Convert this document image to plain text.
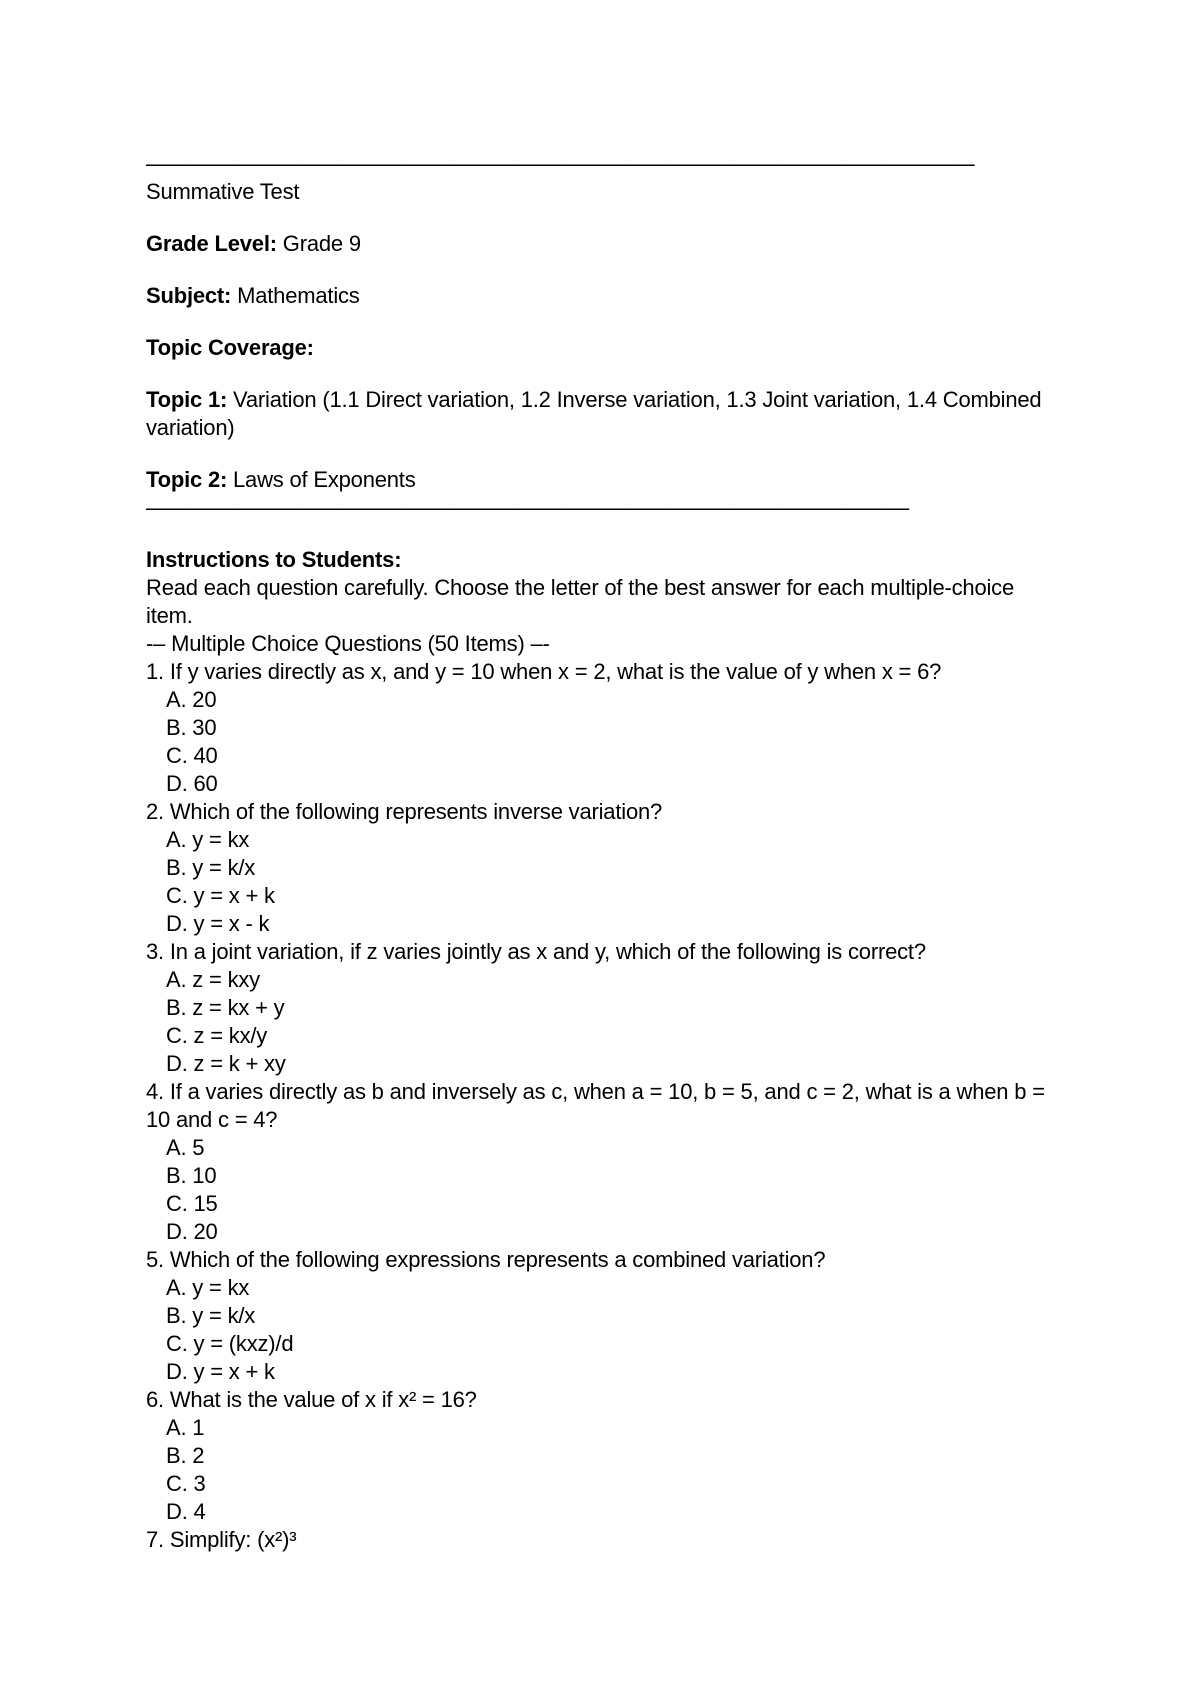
——————————————————————————————————————
Summative Test
Grade Level: Grade 9
Subject: Mathematics
Topic Coverage:
Topic 1: Variation (1.1 Direct variation, 1.2 Inverse variation, 1.3 Joint variation, 1.4 Combined variation)
Topic 2: Laws of Exponents
———————————————————————————————————
Instructions to Students:
Read each question carefully. Choose the letter of the best answer for each multiple-choice item.
-– Multiple Choice Questions (50 Items) –-
1. If y varies directly as x, and y = 10 when x = 2, what is the value of y when x = 6?
A. 20
B. 30
C. 40
D. 60
2. Which of the following represents inverse variation?
A. y = kx
B. y = k/x
C. y = x + k
D. y = x - k
3. In a joint variation, if z varies jointly as x and y, which of the following is correct?
A. z = kxy
B. z = kx + y
C. z = kx/y
D. z = k + xy
4. If a varies directly as b and inversely as c, when a = 10, b = 5, and c = 2, what is a when b = 10 and c = 4?
A. 5
B. 10
C. 15
D. 20
5. Which of the following expressions represents a combined variation?
A. y = kx
B. y = k/x
C. y = (kxz)/d
D. y = x + k
6. What is the value of x if x² = 16?
A. 1
B. 2
C. 3
D. 4
7. Simplify: (x²)³
